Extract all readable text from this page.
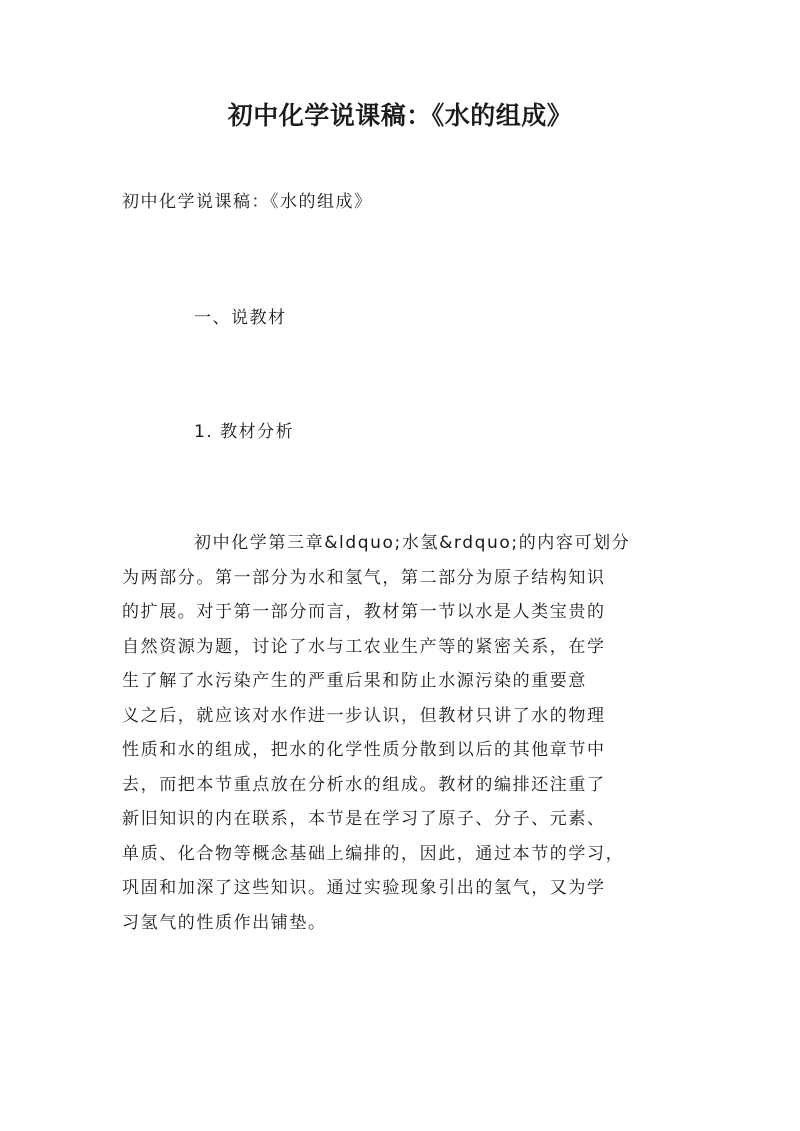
初中化学说课稿：《水的组成》

初中化学说课稿：《水的组成》

一、说教材

1. 教材分析

初中化学第三章&ldquo;水氢&rdquo;的内容可划分
为两部分。第一部分为水和氢气，第二部分为原子结构知识
的扩展。对于第一部分而言，教材第一节以水是人类宝贵的
自然资源为题，讨论了水与工农业生产等的紧密关系，在学
生了解了水污染产生的严重后果和防止水源污染的重要意
义之后，就应该对水作进一步认识，但教材只讲了水的物理
性质和水的组成，把水的化学性质分散到以后的其他章节中
去，而把本节重点放在分析水的组成。教材的编排还注重了
新旧知识的内在联系，本节是在学习了原子、分子、元素、
单质、化合物等概念基础上编排的，因此，通过本节的学习，
巩固和加深了这些知识。通过实验现象引出的氢气，又为学
习氢气的性质作出铺垫。
